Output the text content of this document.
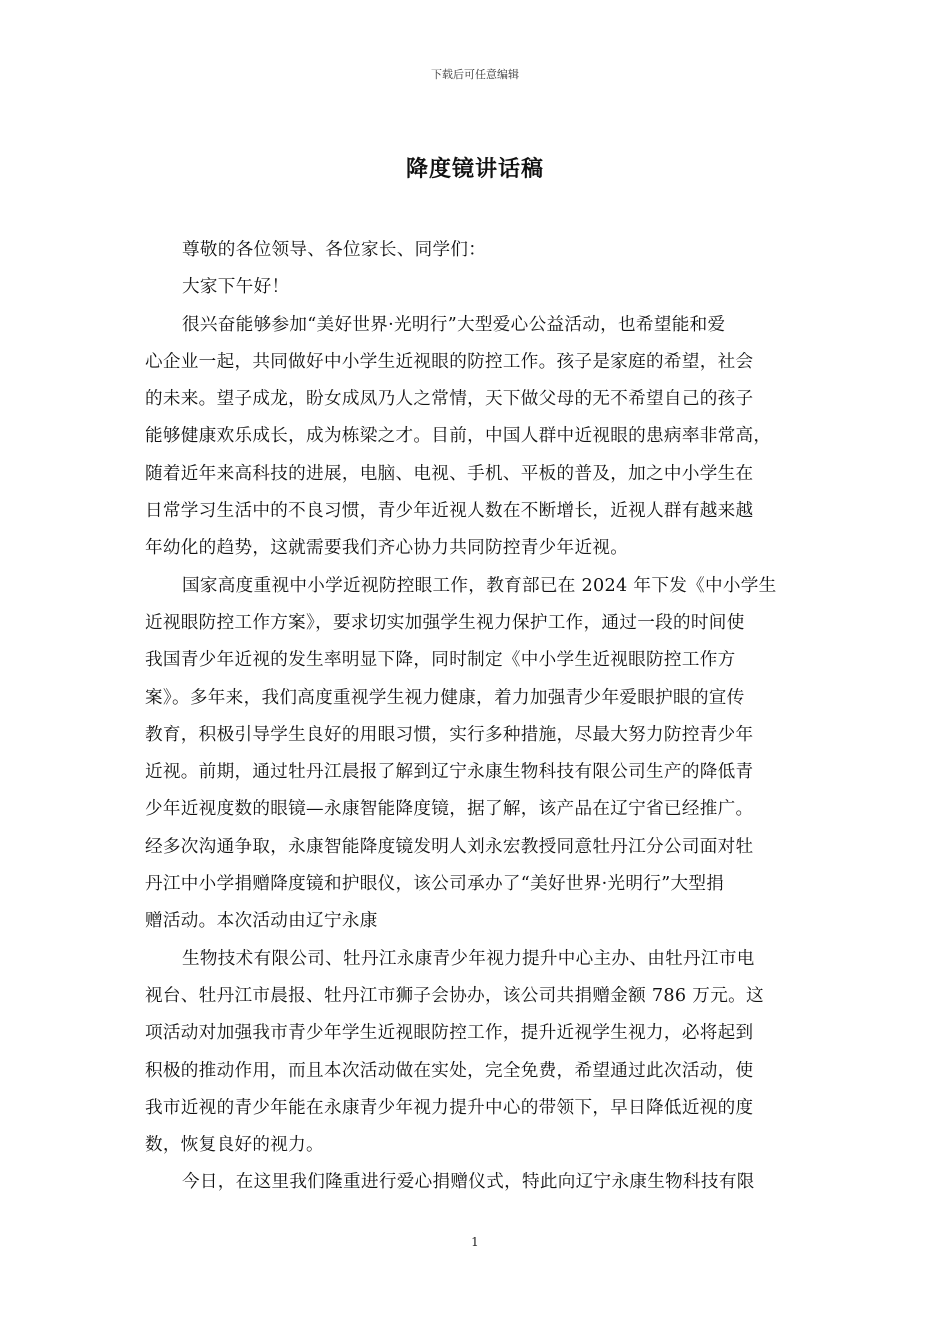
下载后可任意编辑
降度镜讲话稿
尊敬的各位领导、各位家长、同学们：
大家下午好！
很兴奋能够参加“美好世界·光明行”大型爱心公益活动，也希望能和爱
心企业一起，共同做好中小学生近视眼的防控工作。孩子是家庭的希望，社会
的未来。望子成龙，盼女成凤乃人之常情，天下做父母的无不希望自己的孩子
能够健康欢乐成长，成为栋梁之才。目前，中国人群中近视眼的患病率非常高，
随着近年来高科技的进展，电脑、电视、手机、平板的普及，加之中小学生在
日常学习生活中的不良习惯，青少年近视人数在不断增长，近视人群有越来越
年幼化的趋势，这就需要我们齐心协力共同防控青少年近视。
国家高度重视中小学近视防控眼工作，教育部已在 2024 年下发《中小学生
近视眼防控工作方案》，要求切实加强学生视力保护工作，通过一段的时间使
我国青少年近视的发生率明显下降，同时制定《中小学生近视眼防控工作方
案》。多年来，我们高度重视学生视力健康，着力加强青少年爱眼护眼的宣传
教育，积极引导学生良好的用眼习惯，实行多种措施，尽最大努力防控青少年
近视。前期，通过牡丹江晨报了解到辽宁永康生物科技有限公司生产的降低青
少年近视度数的眼镜—永康智能降度镜，据了解，该产品在辽宁省已经推广。
经多次沟通争取，永康智能降度镜发明人刘永宏教授同意牡丹江分公司面对牡
丹江中小学捐赠降度镜和护眼仪，该公司承办了“美好世界·光明行”大型捐
赠活动。本次活动由辽宁永康
生物技术有限公司、牡丹江永康青少年视力提升中心主办、由牡丹江市电
视台、牡丹江市晨报、牡丹江市狮子会协办，该公司共捐赠金额 786 万元。这
项活动对加强我市青少年学生近视眼防控工作，提升近视学生视力，必将起到
积极的推动作用，而且本次活动做在实处，完全免费，希望通过此次活动，使
我市近视的青少年能在永康青少年视力提升中心的带领下，早日降低近视的度
数，恢复良好的视力。
今日，在这里我们隆重进行爱心捐赠仪式，特此向辽宁永康生物科技有限
1
